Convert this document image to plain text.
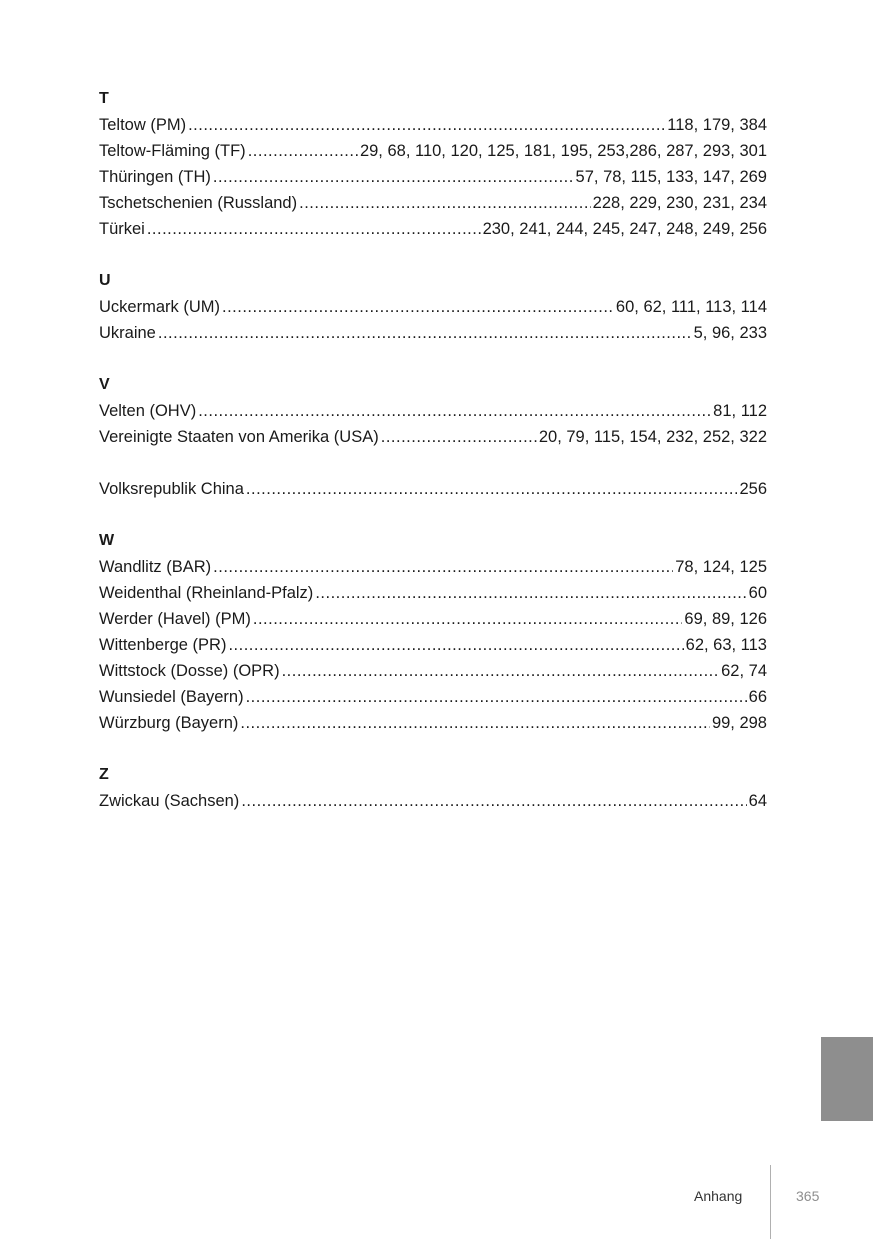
T
Teltow (PM) .....	118, 179, 384
Teltow-Fläming (TF) .....	29, 68, 110, 120, 125, 181, 195, 253,286, 287, 293, 301
Thüringen (TH) .....	57, 78, 115, 133, 147, 269
Tschetschenien (Russland) .....	228, 229, 230, 231, 234
Türkei .....	230, 241, 244, 245, 247, 248, 249, 256
U
Uckermark (UM) .....	60, 62, 111, 113, 114
Ukraine .....	5, 96, 233
V
Velten (OHV) .....	81, 112
Vereinigte Staaten von Amerika (USA) .....	20, 79, 115, 154, 232, 252, 322
Volksrepublik China .....	256
W
Wandlitz (BAR) .....	78, 124, 125
Weidenthal (Rheinland-Pfalz) .....	60
Werder (Havel) (PM) .....	69, 89, 126
Wittenberge (PR) .....	62, 63, 113
Wittstock (Dosse) (OPR) .....	62, 74
Wunsiedel (Bayern) .....	66
Würzburg (Bayern) .....	99, 298
Z
Zwickau (Sachsen) .....	64
Anhang	365
